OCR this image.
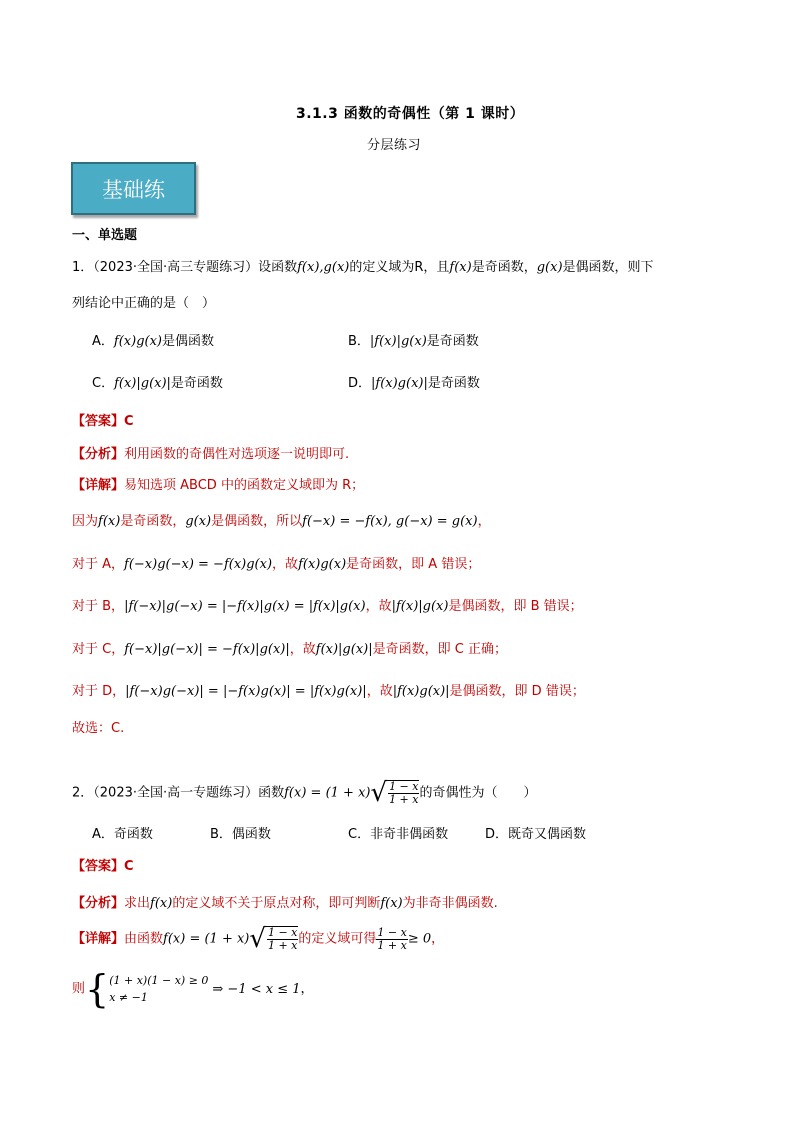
3.1.3 函数的奇偶性（第 1 课时）
分层练习
基础练
一、单选题
1．（2023·全国·高三专题练习）设函数f(x),g(x)的定义域为R，且f(x)是奇函数，g(x)是偶函数，则下
列结论中正确的是（　）
A．f(x)g(x)是偶函数	B．|f(x)|g(x)是奇函数
C．f(x)|g(x)|是奇函数	D．|f(x)g(x)|是奇函数
【答案】C
【分析】利用函数的奇偶性对选项逐一说明即可.
【详解】易知选项 ABCD 中的函数定义域即为 R；
因为f(x)是奇函数，g(x)是偶函数，所以f(−x) = −f(x), g(−x) = g(x)，
对于 A，f(−x)g(−x) = −f(x)g(x)，故f(x)g(x)是奇函数，即 A 错误；
对于 B，|f(−x)|g(−x) = |−f(x)|g(x) = |f(x)|g(x)，故|f(x)|g(x)是偶函数，即 B 错误；
对于 C，f(−x)|g(−x)| = −f(x)|g(x)|，故f(x)|g(x)|是奇函数，即 C 正确；
对于 D，|f(−x)g(−x)| = |−f(x)g(x)| = |f(x)g(x)|，故|f(x)g(x)|是偶函数，即 D 错误；
故选：C.
2．（2023·全国·高一专题练习）函数f(x) = (1 + x) √ $\frac{1 - x}{1 + x}$ 的奇偶性为（　　）
A．奇函数	B．偶函数	C．非奇非偶函数	D．既奇又偶函数
【答案】C
【分析】求出f(x)的定义域不关于原点对称，即可判断f(x)为非奇非偶函数.
【详解】由函数f(x) = (1 + x) √ $\frac{1 - x}{1 + x}$ 的定义域可得 $\frac{1 - x}{1 + x} \ge 0$，
则{ (1 + x)(1 − x) ≥ 0
x ≠ −1
⇒ −1 < x ≤ 1，
